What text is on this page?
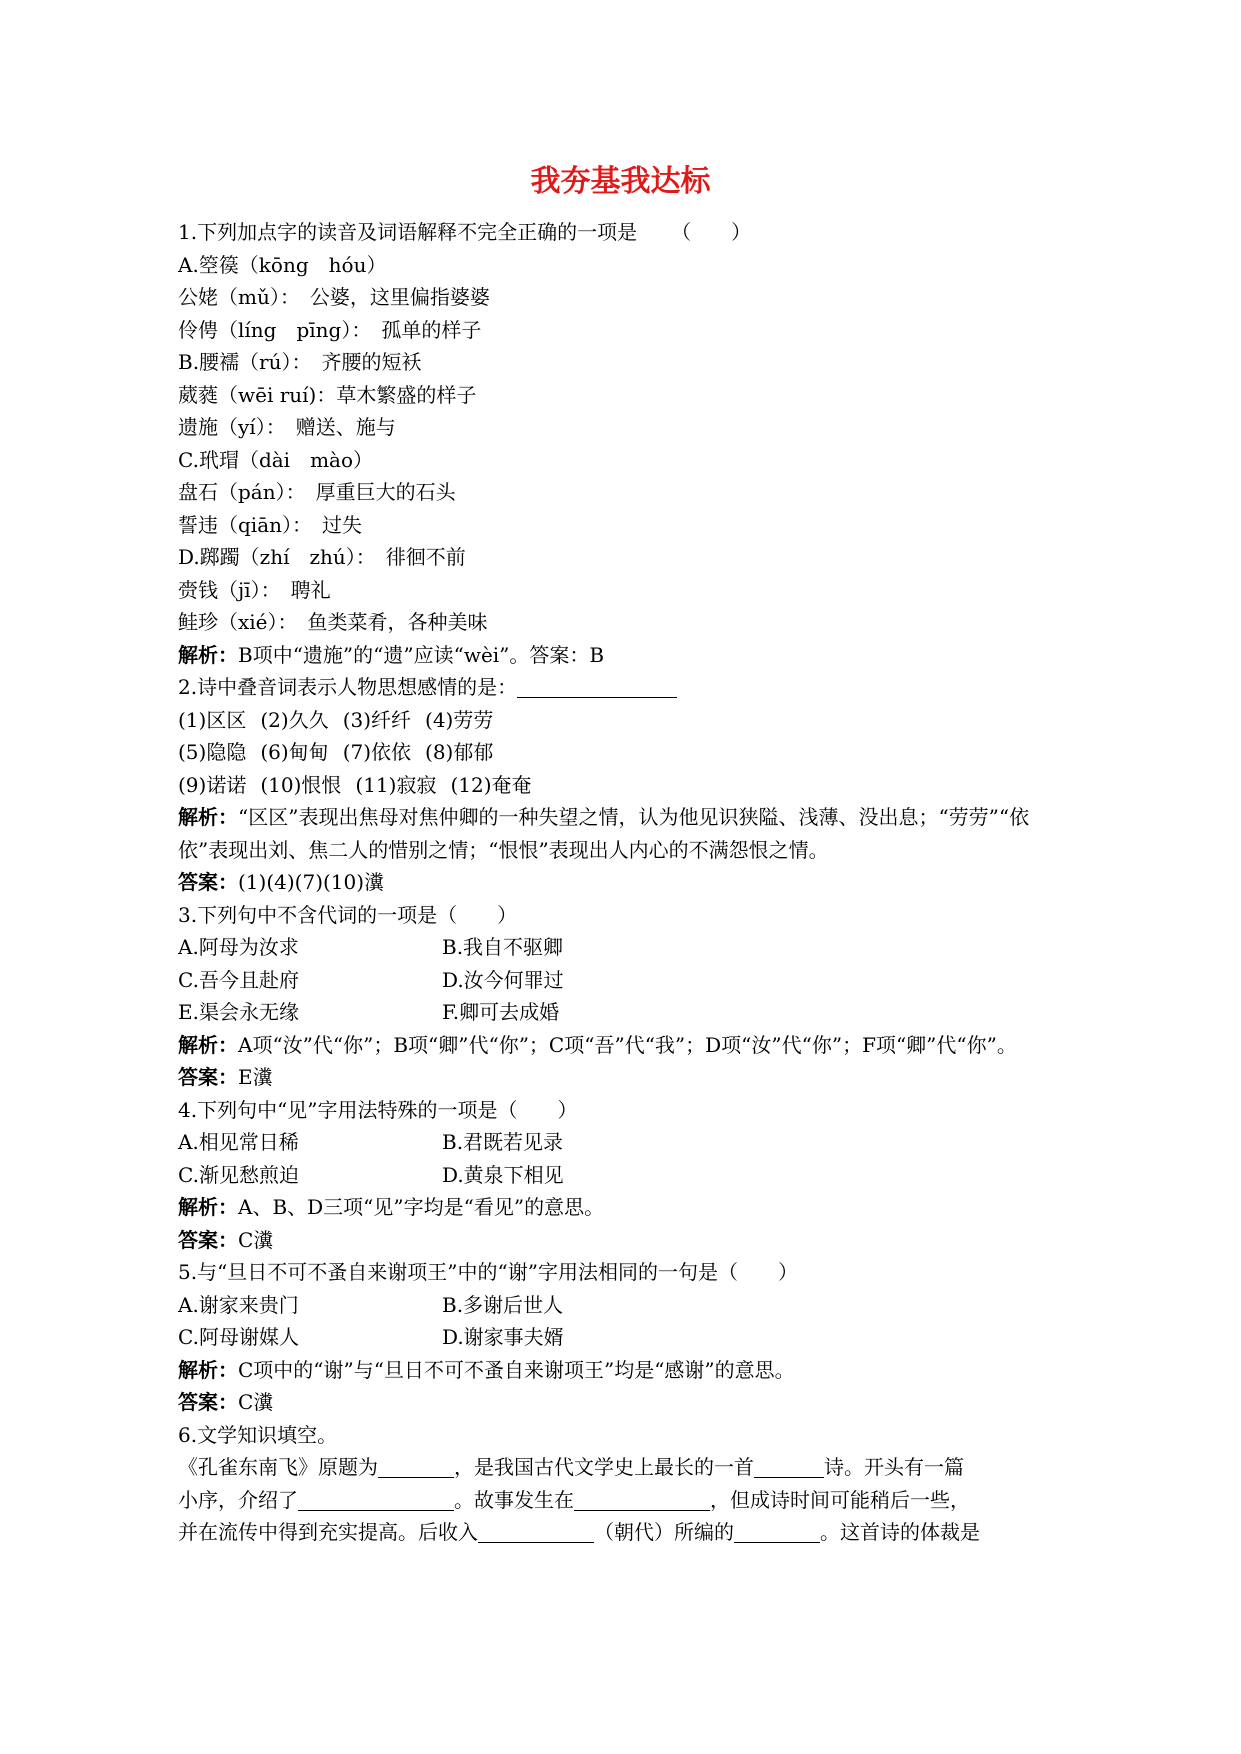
我夯基我达标
1.下列加点字的读音及词语解释不完全正确的一项是 （　　）
A.箜篌（kōng　hóu）
公姥（mǔ）：　公婆，这里偏指婆婆
伶俜（líng　pīng）：　孤单的样子
B.腰襦（rú）：　齐腰的短袄
葳蕤（wēi ruí)：草木繁盛的样子
遗施（yí）：　赠送、施与
C.玳瑁（dài　mào）
盘石（pán）：　厚重巨大的石头
誓违（qiān）：　过失
D.踯躅（zhí　zhú）：　徘徊不前
赍钱（jī）：　聘礼
鲑珍（xié）：　鱼类菜肴，各种美味
解析：B项中“遗施”的“遗”应读“wèi”。答案：B
2.诗中叠音词表示人物思想感情的是：
(1)区区 (2)久久 (3)纤纤 (4)劳劳
(5)隐隐 (6)甸甸 (7)依依 (8)郁郁
(9)诺诺 (10)恨恨 (11)寂寂 (12)奄奄
解析：“区区”表现出焦母对焦仲卿的一种失望之情，认为他见识狭隘、浅薄、没出息；“劳劳”“依依”表现出刘、焦二人的惜别之情；“恨恨”表现出人内心的不满怨恨之情。
答案：(1)(4)(7)(10)瀵
3.下列句中不含代词的一项是（　　）
A.阿母为汝求	B.我自不驱卿
C.吾今且赴府	D.汝今何罪过
E.渠会永无缘	F.卿可去成婚
解析：A项“汝”代“你”；B项“卿”代“你”；C项“吾”代“我”；D项“汝”代“你”；F项“卿”代“你”。
答案：E瀵
4.下列句中“见”字用法特殊的一项是（　　）
A.相见常日稀	B.君既若见录
C.渐见愁煎迫	D.黄泉下相见
解析：A、B、D三项“见”字均是“看见”的意思。
答案：C瀵
5.与“旦日不可不蚤自来谢项王”中的“谢”字用法相同的一句是（　　）
A.谢家来贵门	B.多谢后世人
C.阿母谢媒人	D.谢家事夫婿
解析：C项中的“谢”与“旦日不可不蚤自来谢项王”均是“感谢”的意思。
答案：C瀵
6.文学知识填空。
《孔雀东南飞》原题为	，是我国古代文学史上最长的一首	诗。开头有一篇
小序，介绍了	。故事发生在	，但成诗时间可能稍后一些，
并在流传中得到充实提高。后收入	（朝代）所编的	。这首诗的体裁是
